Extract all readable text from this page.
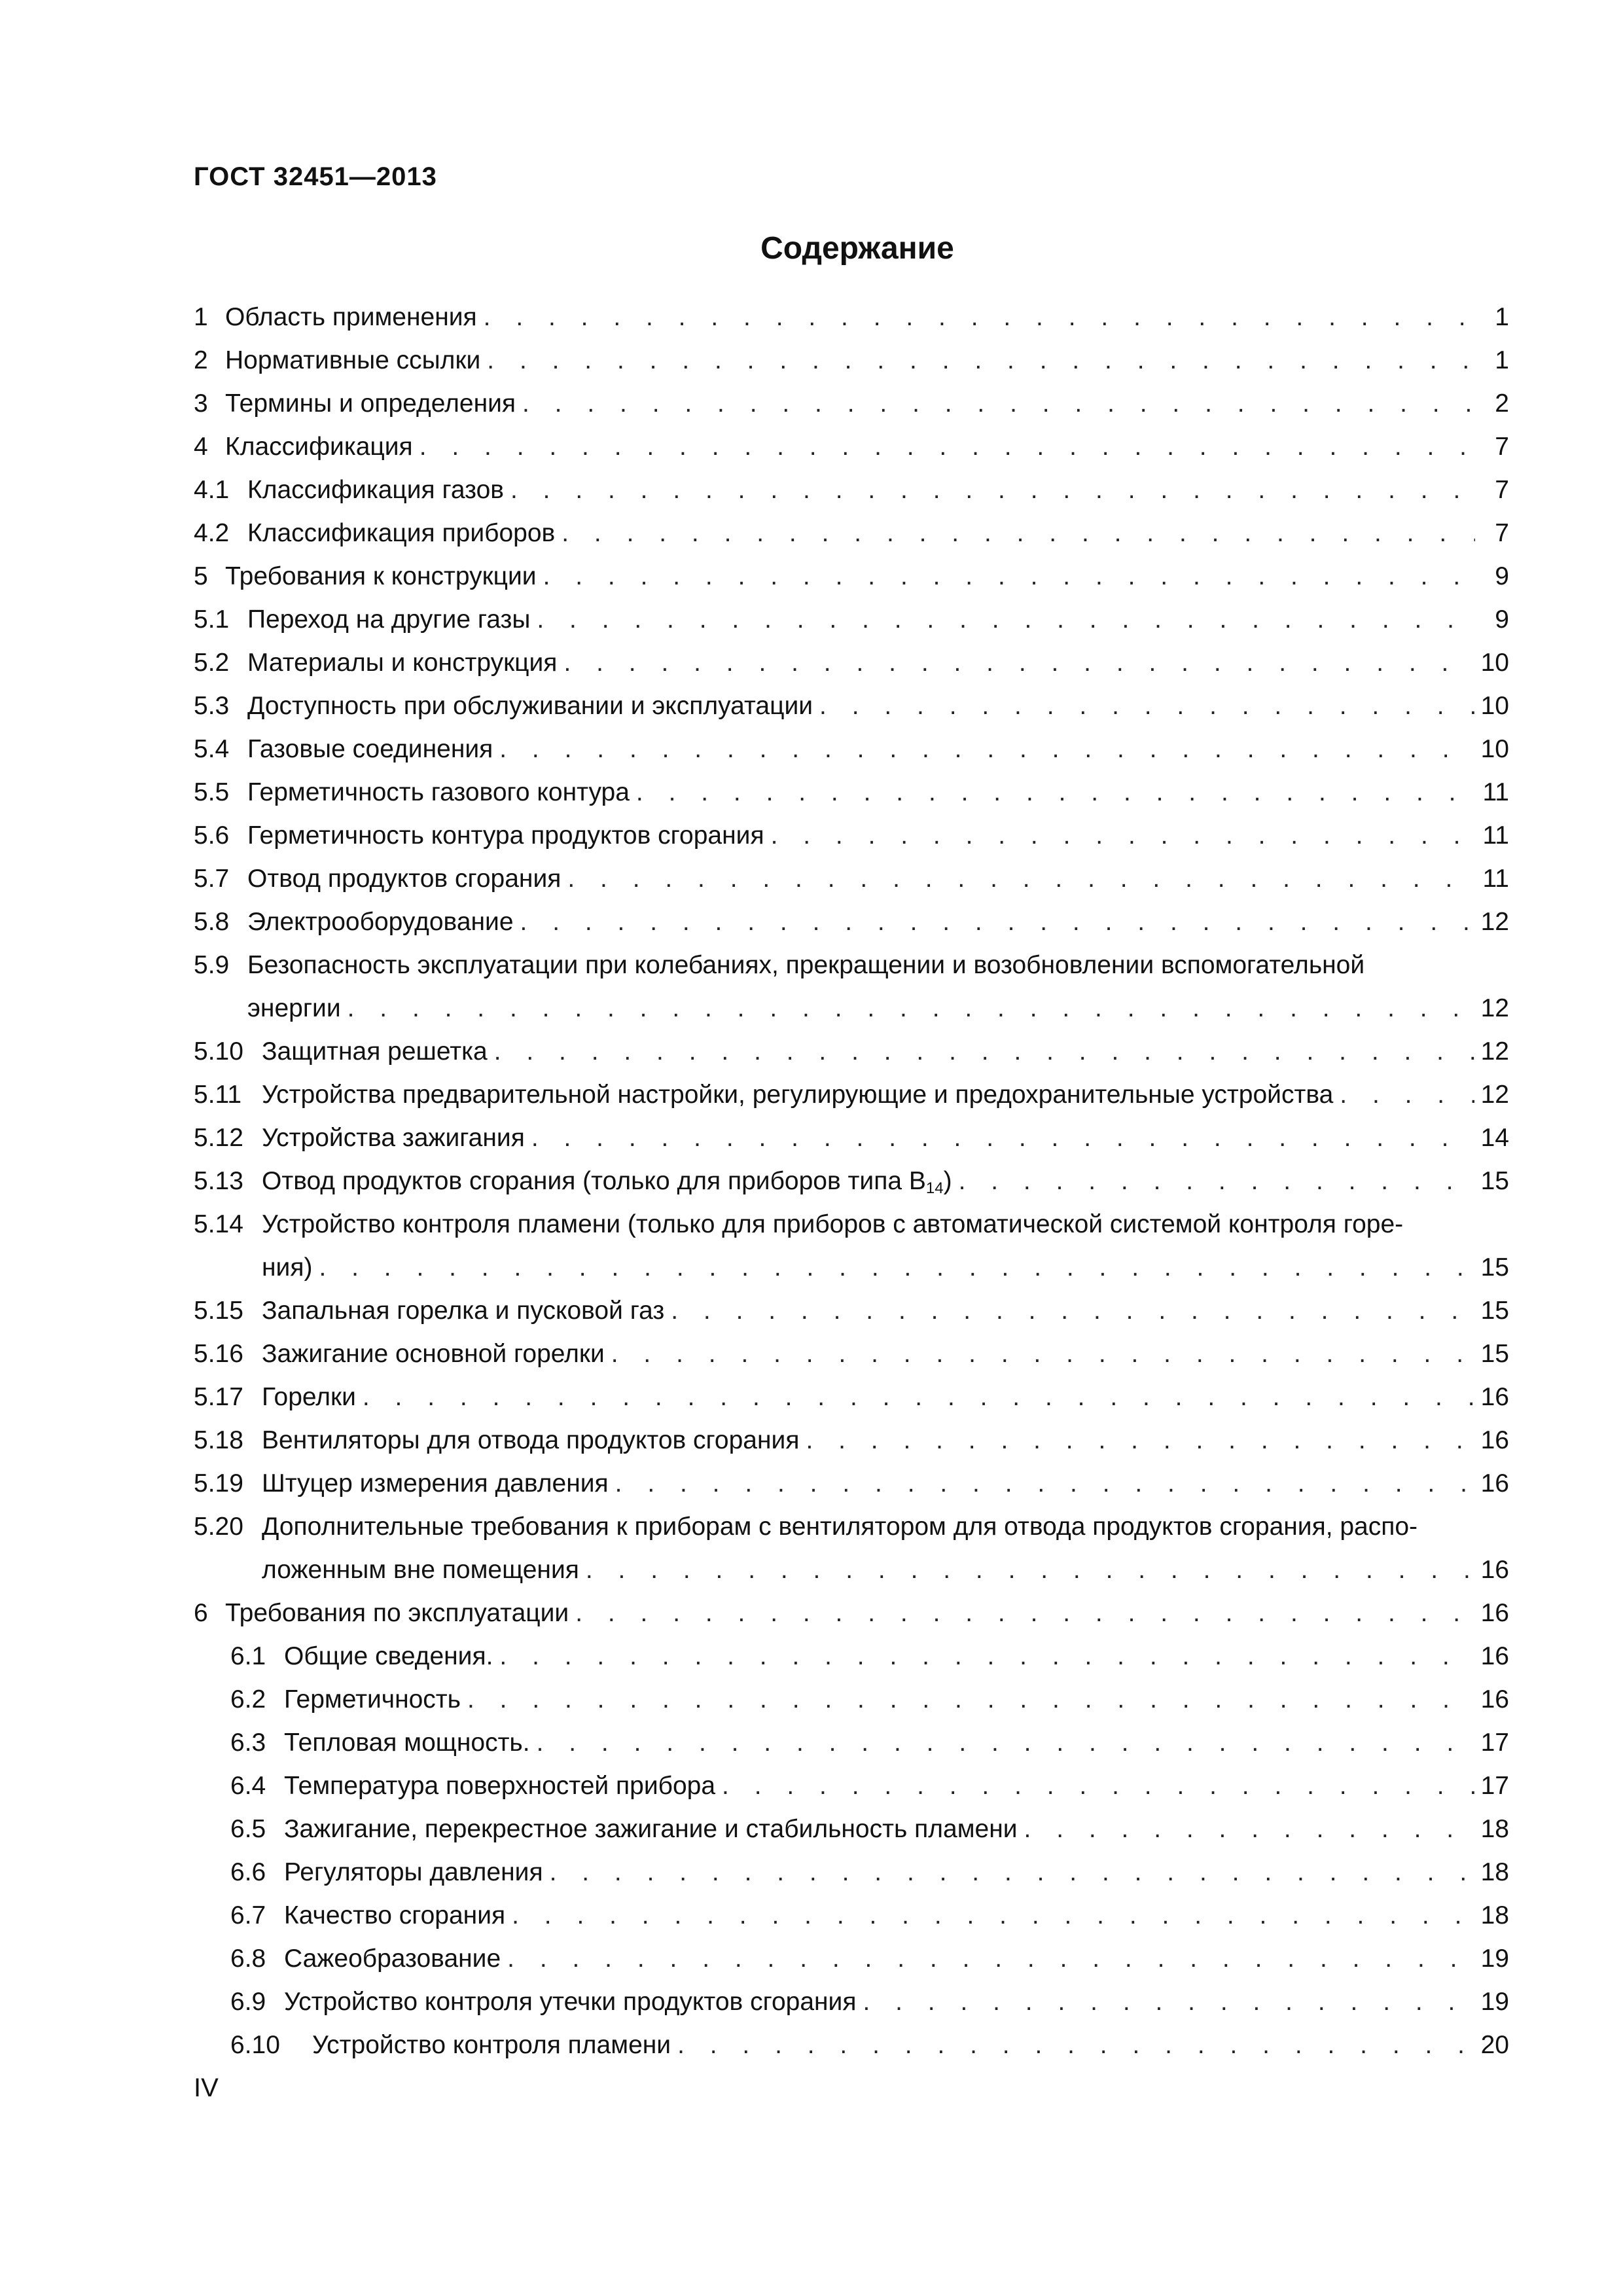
ГОСТ 32451—2013
Содержание
1 Область применения . . .	1
2 Нормативные ссылки . . .	1
3 Термины и определения . . .	2
4 Классификация . . .	7
4.1 Классификация газов . . .	7
4.2 Классификация приборов . . .	7
5 Требования к конструкции . . .	9
5.1 Переход на другие газы . . .	9
5.2 Материалы и конструкция . . .	10
5.3 Доступность при обслуживании и эксплуатации . . .	10
5.4 Газовые соединения . . .	10
5.5 Герметичность газового контура . . .	11
5.6 Герметичность контура продуктов сгорания . . .	11
5.7 Отвод продуктов сгорания . . .	11
5.8 Электрооборудование . . .	12
5.9 Безопасность эксплуатации при колебаниях, прекращении и возобновлении вспомогательной
энергии . . .	12
5.10 Защитная решетка . . .	12
5.11 Устройства предварительной настройки, регулирующие и предохранительные устройства . . .	12
5.12 Устройства зажигания . . .	14
5.13 Отвод продуктов сгорания (только для приборов типа $B_{14}$) . . .	15
5.14 Устройство контроля пламени (только для приборов с автоматической системой контроля горе-
ния) . . .	15
5.15 Запальная горелка и пусковой газ . . .	15
5.16 Зажигание основной горелки . . .	15
5.17 Горелки . . .	16
5.18 Вентиляторы для отвода продуктов сгорания . . .	16
5.19 Штуцер измерения давления . . .	16
5.20 Дополнительные требования к приборам с вентилятором для отвода продуктов сгорания, распо-
ложенным вне помещения . . .	16
6 Требования по эксплуатации . . .	16
6.1 Общие сведения. . . .	16
6.2 Герметичность . . .	16
6.3 Тепловая мощность. . . .	17
6.4 Температура поверхностей прибора . . .	17
6.5 Зажигание, перекрестное зажигание и стабильность пламени . . .	18
6.6 Регуляторы давления . . .	18
6.7 Качество сгорания . . .	18
6.8 Сажеобразование . . .	19
6.9 Устройство контроля утечки продуктов сгорания . . .	19
6.10	Устройство контроля пламени . . .	20
IV
